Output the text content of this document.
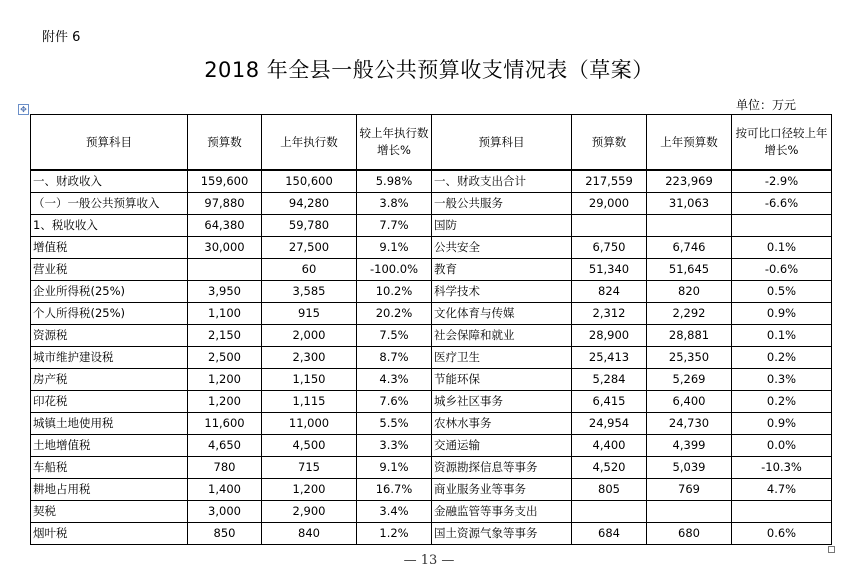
附件 6
2018 年全县一般公共预算收支情况表（草案）
单位：万元
✥
预算科目	预算数	上年执行数	较上年执行数增长%	预算科目	预算数	上年预算数	按可比口径较上年增长%
一、财政收入	159,600	150,600	5.98%	一、财政支出合计	217,559	223,969	-2.9%
（一）一般公共预算收入	97,880	94,280	3.8%	一般公共服务	29,000	31,063	-6.6%
1、税收收入	64,380	59,780	7.7%	国防			
增值税	30,000	27,500	9.1%	公共安全	6,750	6,746	0.1%
营业税		60	-100.0%	教育	51,340	51,645	-0.6%
企业所得税(25%)	3,950	3,585	10.2%	科学技术	824	820	0.5%
个人所得税(25%)	1,100	915	20.2%	文化体育与传媒	2,312	2,292	0.9%
资源税	2,150	2,000	7.5%	社会保障和就业	28,900	28,881	0.1%
城市维护建设税	2,500	2,300	8.7%	医疗卫生	25,413	25,350	0.2%
房产税	1,200	1,150	4.3%	节能环保	5,284	5,269	0.3%
印花税	1,200	1,115	7.6%	城乡社区事务	6,415	6,400	0.2%
城镇土地使用税	11,600	11,000	5.5%	农林水事务	24,954	24,730	0.9%
土地增值税	4,650	4,500	3.3%	交通运输	4,400	4,399	0.0%
车船税	780	715	9.1%	资源勘探信息等事务	4,520	5,039	-10.3%
耕地占用税	1,400	1,200	16.7%	商业服务业等事务	805	769	4.7%
契税	3,000	2,900	3.4%	金融监管等事务支出			
烟叶税	850	840	1.2%	国土资源气象等事务	684	680	0.6%
— 13 —
